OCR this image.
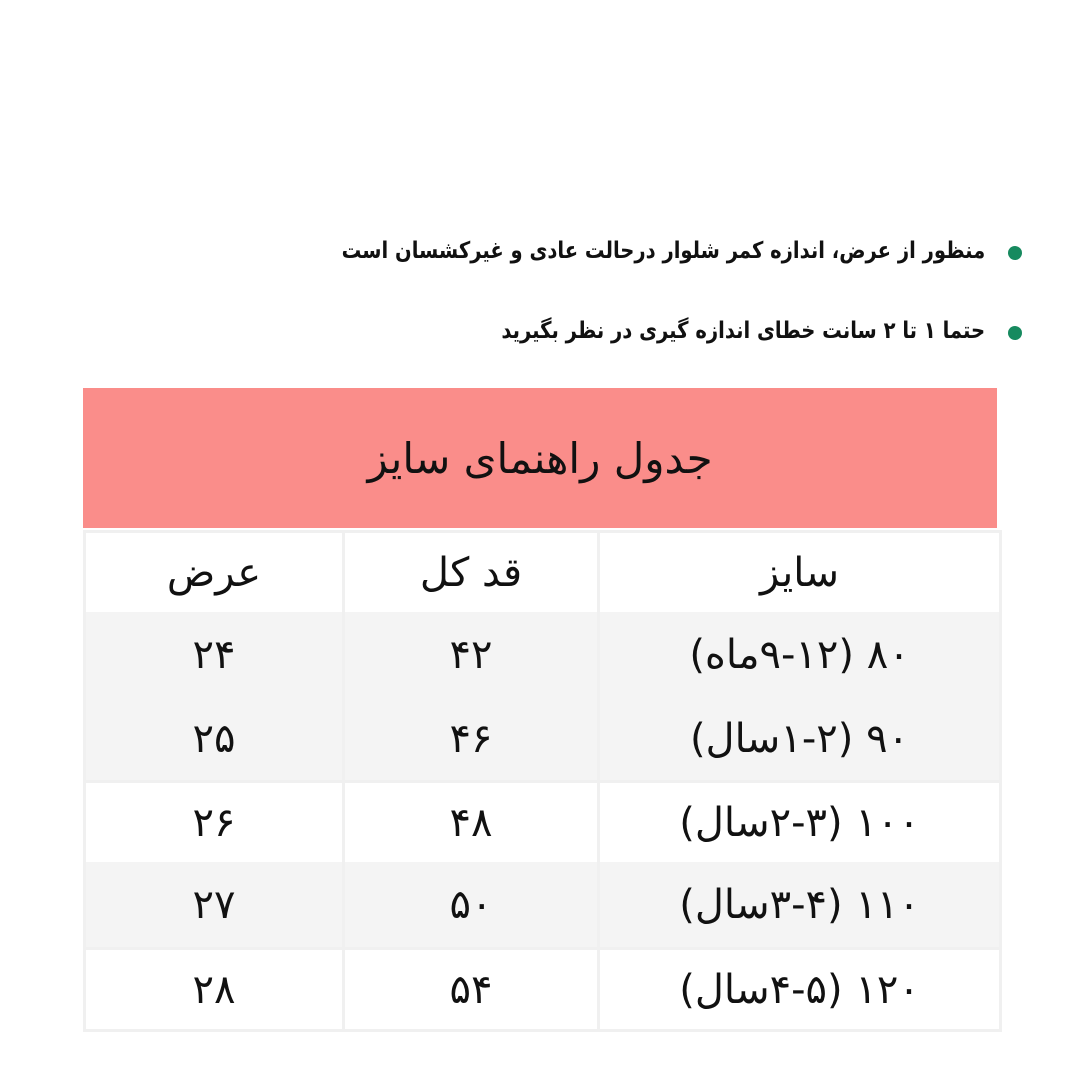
منظور از عرض، اندازه کمر شلوار درحالت عادی و غیرکشسان است
حتما ۱ تا ۲ سانت خطای اندازه گیری در نظر بگیرید
جدول راهنمای سایز
سایز
قد کل
عرض
۸۰ (۹-۱۲ماه)
۴۲
۲۴
۹۰ (۱-۲سال)
۴۶
۲۵
۱۰۰ (۲-۳سال)
۴۸
۲۶
۱۱۰ (۳-۴سال)
۵۰
۲۷
۱۲۰ (۴-۵سال)
۵۴
۲۸
